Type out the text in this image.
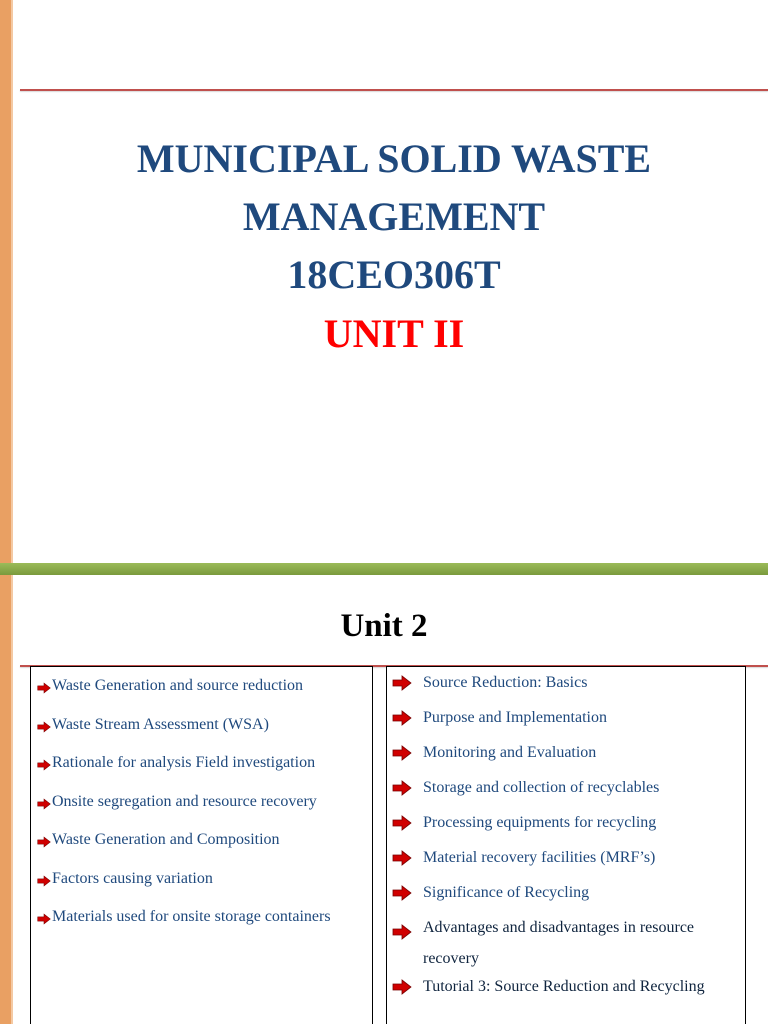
MUNICIPAL SOLID WASTE
MANAGEMENT
18CEO306T
UNIT II
Unit 2
Waste Generation and source reduction
Waste Stream Assessment (WSA)
Rationale for analysis Field investigation
Onsite segregation and resource recovery
Waste Generation and Composition
Factors causing variation
Materials used for onsite storage containers
Source Reduction: Basics
Purpose and Implementation
Monitoring and Evaluation
Storage and collection of recyclables
Processing equipments for recycling
Material recovery facilities (MRF’s)
Significance of Recycling
Advantages and disadvantages in resource recovery
Tutorial 3: Source Reduction and Recycling
